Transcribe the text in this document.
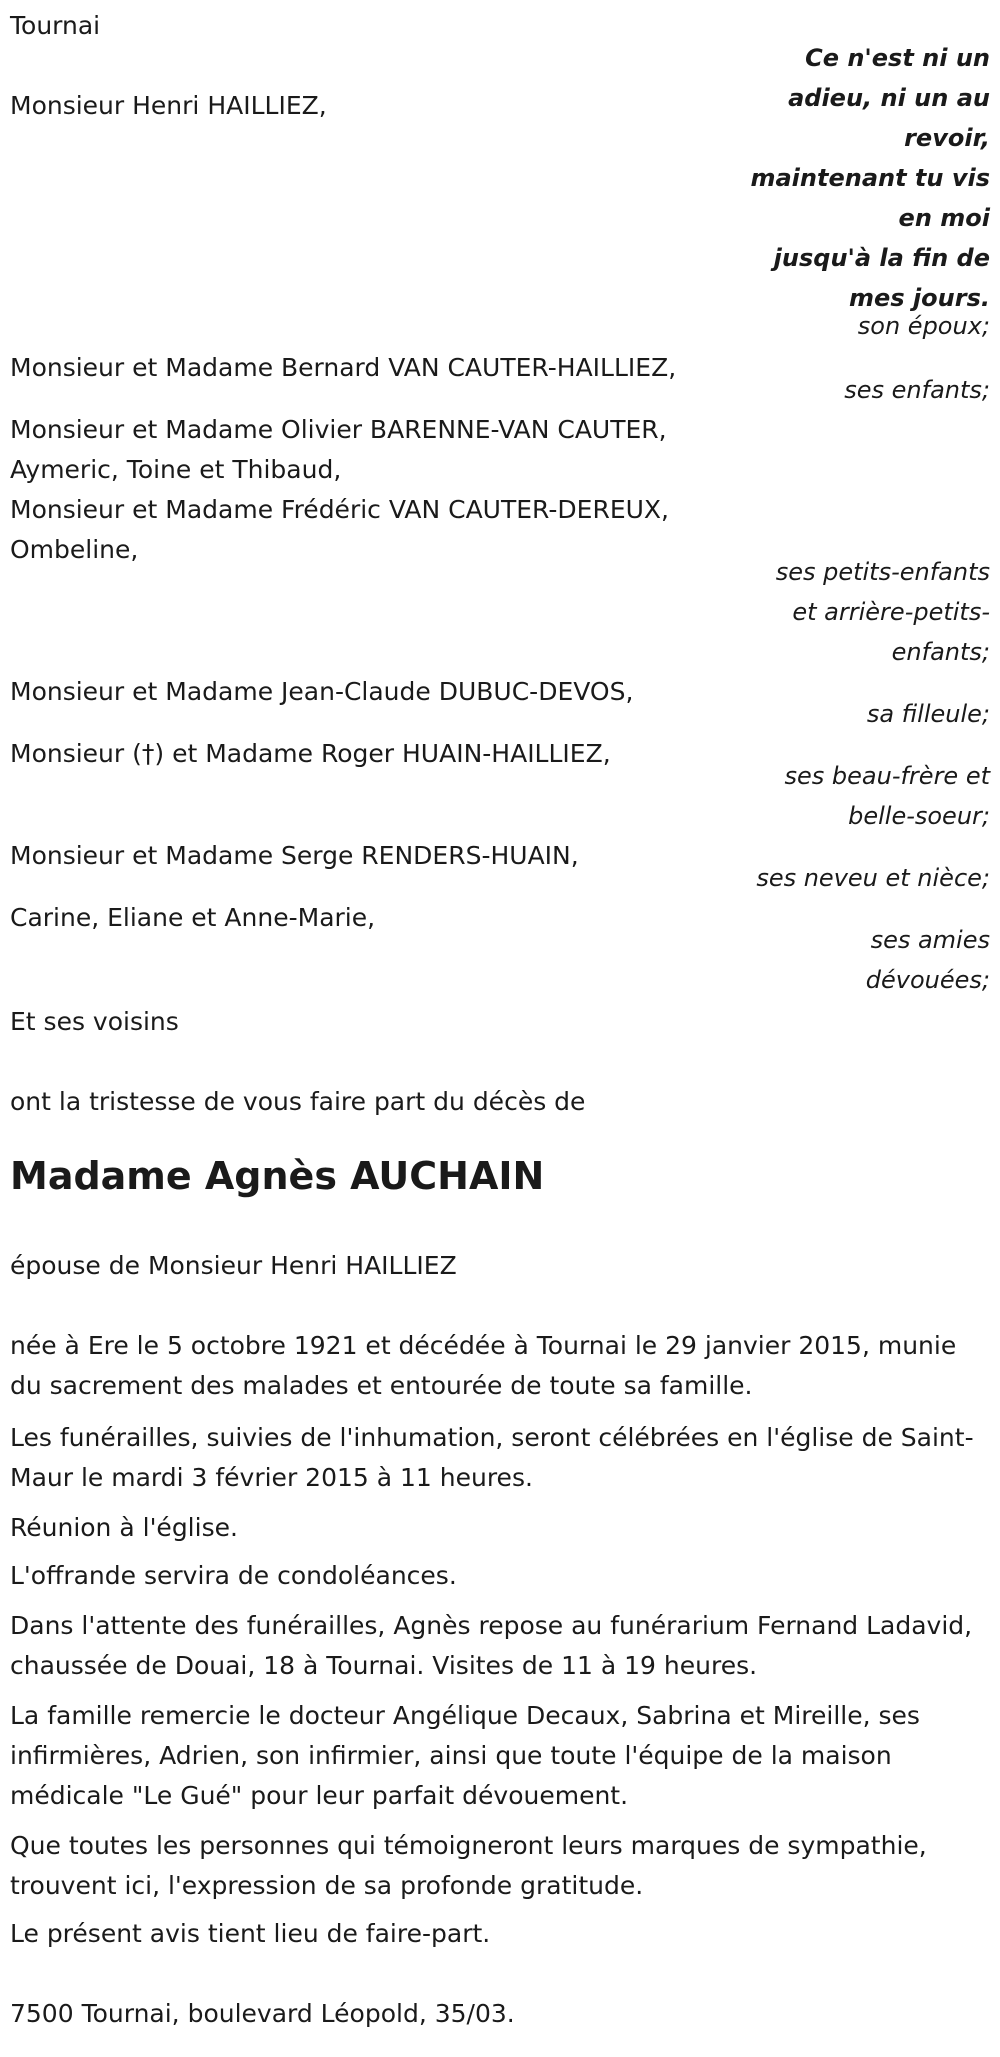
Tournai
Ce n'est ni un
adieu, ni un au
revoir,
maintenant tu vis
en moi
jusqu'à la fin de
mes jours.
Monsieur Henri HAILLIEZ,
son époux;
Monsieur et Madame Bernard VAN CAUTER-HAILLIEZ,
ses enfants;
Monsieur et Madame Olivier BARENNE-VAN CAUTER,
Aymeric, Toine et Thibaud,
Monsieur et Madame Frédéric VAN CAUTER-DEREUX,
Ombeline,
ses petits-enfants
et arrière-petits-
enfants;
Monsieur et Madame Jean-Claude DUBUC-DEVOS,
sa filleule;
Monsieur (†) et Madame Roger HUAIN-HAILLIEZ,
ses beau-frère et
belle-soeur;
Monsieur et Madame Serge RENDERS-HUAIN,
ses neveu et nièce;
Carine, Eliane et Anne-Marie,
ses amies
dévouées;
Et ses voisins
ont la tristesse de vous faire part du décès de
Madame Agnès AUCHAIN
épouse de Monsieur Henri HAILLIEZ
née à Ere le 5 octobre 1921 et décédée à Tournai le 29 janvier 2015, munie du sacrement des malades et entourée de toute sa famille.
Les funérailles, suivies de l'inhumation, seront célébrées en l'église de Saint-Maur le mardi 3 février 2015 à 11 heures.
Réunion à l'église.
L'offrande servira de condoléances.
Dans l'attente des funérailles, Agnès repose au funérarium Fernand Ladavid, chaussée de Douai, 18 à Tournai. Visites de 11 à 19 heures.
La famille remercie le docteur Angélique Decaux, Sabrina et Mireille, ses infirmières, Adrien, son infirmier, ainsi que toute l'équipe de la maison médicale "Le Gué" pour leur parfait dévouement.
Que toutes les personnes qui témoigneront leurs marques de sympathie, trouvent ici, l'expression de sa profonde gratitude.
Le présent avis tient lieu de faire-part.
7500 Tournai, boulevard Léopold, 35/03.
